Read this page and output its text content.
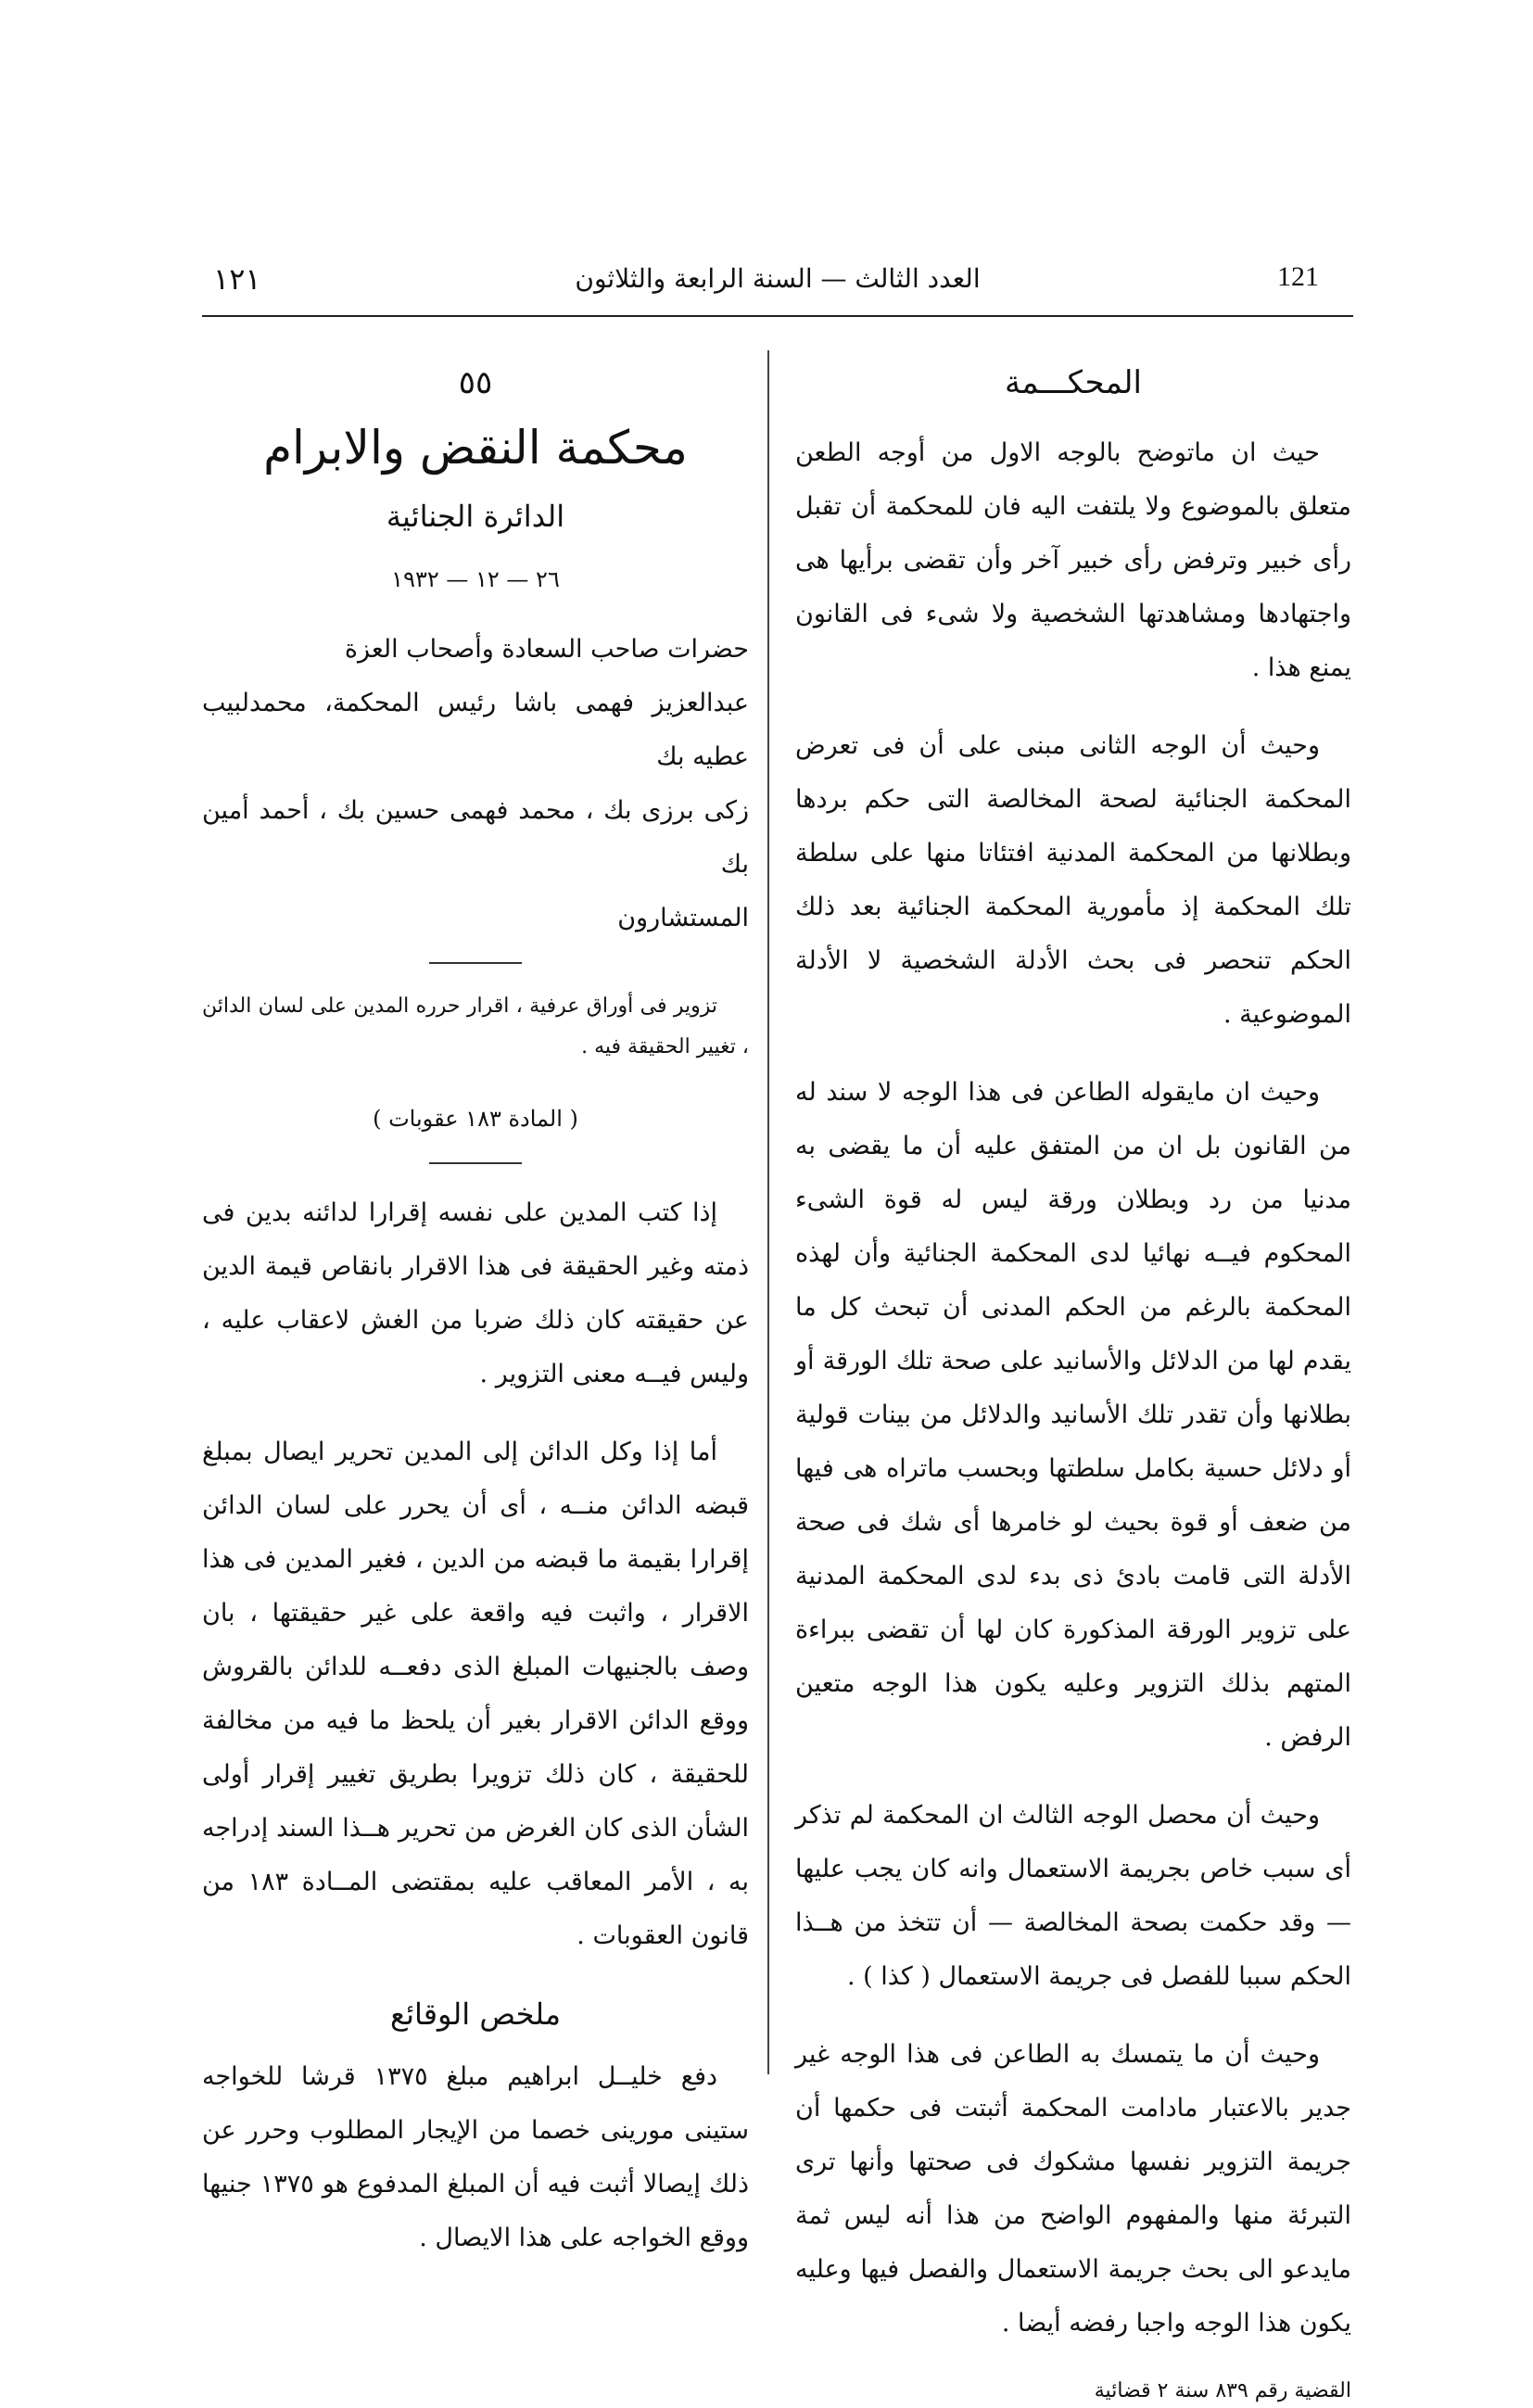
١٢١	العدد الثالث — السنة الرابعة والثلاثون	121
المحكـــمة

حيث ان ماتوضح بالوجه الاول من أوجه الطعن متعلق بالموضوع ولا يلتفت اليه فان للمحكمة أن تقبل رأى خبير وترفض رأى خبير آخر وأن تقضى برأيها هى واجتهادها ومشاهدتها الشخصية ولا شىء فى القانون يمنع هذا .

وحيث أن الوجه الثانى مبنى على أن فى تعرض المحكمة الجنائية لصحة المخالصة التى حكم بردها وبطلانها من المحكمة المدنية افتئاتا منها على سلطة تلك المحكمة إذ مأمورية المحكمة الجنائية بعد ذلك الحكم تنحصر فى بحث الأدلة الشخصية لا الأدلة الموضوعية .

وحيث ان مايقوله الطاعن فى هذا الوجه لا سند له من القانون بل ان من المتفق عليه أن ما يقضى به مدنيا من رد وبطلان ورقة ليس له قوة الشىء المحكوم فيــه نهائيا لدى المحكمة الجنائية وأن لهذه المحكمة بالرغم من الحكم المدنى أن تبحث كل ما يقدم لها من الدلائل والأسانيد على صحة تلك الورقة أو بطلانها وأن تقدر تلك الأسانيد والدلائل من بينات قولية أو دلائل حسية بكامل سلطتها وبحسب ماتراه هى فيها من ضعف أو قوة بحيث لو خامرها أى شك فى صحة الأدلة التى قامت بادئ ذى بدء لدى المحكمة المدنية على تزوير الورقة المذكورة كان لها أن تقضى ببراءة المتهم بذلك التزوير وعليه يكون هذا الوجه متعين الرفض .

وحيث أن محصل الوجه الثالث ان المحكمة لم تذكر أى سبب خاص بجريمة الاستعمال وانه كان يجب عليها — وقد حكمت بصحة المخالصة — أن تتخذ من هــذا الحكم سببا للفصل فى جريمة الاستعمال ( كذا ) .

وحيث أن ما يتمسك به الطاعن فى هذا الوجه غير جدير بالاعتبار مادامت المحكمة أثبتت فى حكمها أن جريمة التزوير نفسها مشكوك فى صحتها وأنها ترى التبرئة منها والمفهوم الواضح من هذا أنه ليس ثمة مايدعو الى بحث جريمة الاستعمال والفصل فيها وعليه يكون هذا الوجه واجبا رفضه أيضا .

القضية رقم ٨٣٩ سنة ٢ قضائية
٥٥
محكمة النقض والابرام
الدائرة الجنائية
٢٦ — ١٢ — ١٩٣٢

حضرات صاحب السعادة وأصحاب العزة

عبدالعزيز فهمى باشا رئيس المحكمة، محمدلبيب عطيه بك

زكى برزى بك ، محمد فهمى حسين بك ، أحمد أمين بك

المستشارون

تزوير فى أوراق عرفية ، اقرار حرره المدين على لسان الدائن ، تغيير الحقيقة فيه .

( المادة ١٨٣ عقوبات )

إذا كتب المدين على نفسه إقرارا لدائنه بدين فى ذمته وغير الحقيقة فى هذا الاقرار بانقاص قيمة الدين عن حقيقته كان ذلك ضربا من الغش لاعقاب عليه ، وليس فيــه معنى التزوير .

أما إذا وكل الدائن إلى المدين تحرير ايصال بمبلغ قبضه الدائن منــه ، أى أن يحرر على لسان الدائن إقرارا بقيمة ما قبضه من الدين ، فغير المدين فى هذا الاقرار ، واثبت فيه واقعة على غير حقيقتها ، بان وصف بالجنيهات المبلغ الذى دفعــه للدائن بالقروش ووقع الدائن الاقرار بغير أن يلحظ ما فيه من مخالفة للحقيقة ، كان ذلك تزويرا بطريق تغيير إقرار أولى الشأن الذى كان الغرض من تحرير هــذا السند إدراجه به ، الأمر المعاقب عليه بمقتضى المــادة ١٨٣ من قانون العقوبات .

ملخص الوقائع

دفع خليــل ابراهيم مبلغ ١٣٧٥ قرشا للخواجه ستينى مورينى خصما من الإيجار المطلوب وحرر عن ذلك إيصالا أثبت فيه أن المبلغ المدفوع هو ١٣٧٥ جنيها ووقع الخواجه على هذا الايصال .
